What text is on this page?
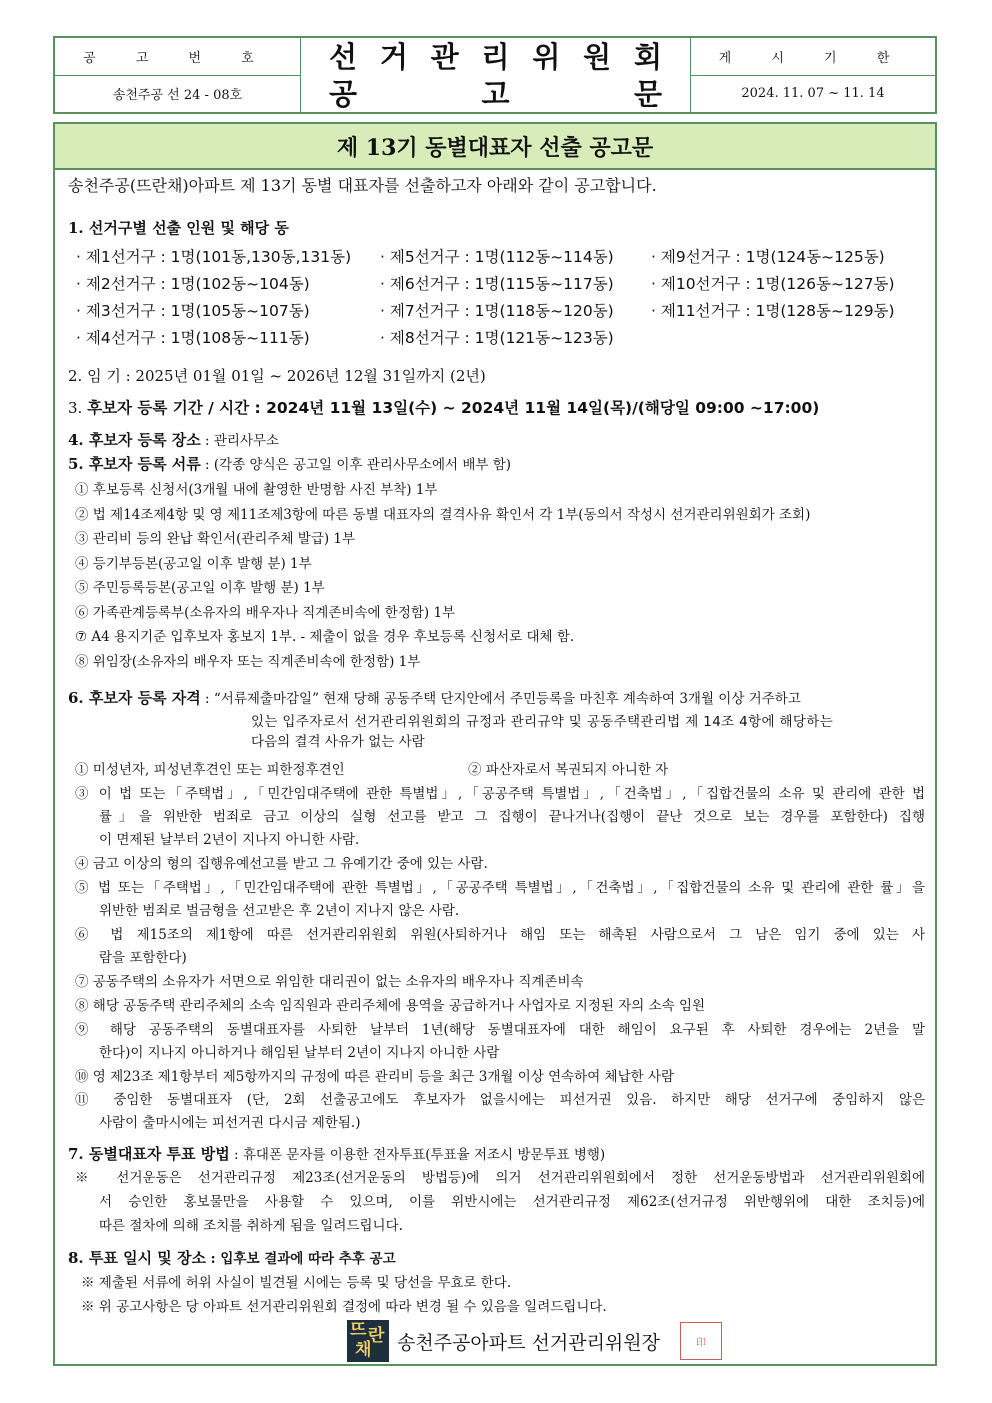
공 고 번 호
송천주공 선 24 - 08호
선 거 관 리 위 원 회
공	고	문
게 시 기 한
2024. 11. 07 ~ 11. 14
제 13기 동별대표자 선출 공고문
송천주공(뜨란채)아파트 제 13기 동별 대표자를 선출하고자 아래와 같이 공고합니다.
1. 선거구별 선출 인원 및 해당 동
· 제1선거구 : 1명(101동,130동,131동)
· 제2선거구 : 1명(102동~104동)
· 제3선거구 : 1명(105동~107동)
· 제4선거구 : 1명(108동~111동)
· 제5선거구 : 1명(112동~114동)
· 제6선거구 : 1명(115동~117동)
· 제7선거구 : 1명(118동~120동)
· 제8선거구 : 1명(121동~123동)
· 제9선거구 : 1명(124동~125동)
· 제10선거구 : 1명(126동~127동)
· 제11선거구 : 1명(128동~129동)
2. 임 기 : 2025년 01월 01일 ~ 2026년 12월 31일까지 (2년)
3. 후보자 등록 기간 / 시간 : 2024년 11월 13일(수) ~ 2024년 11월 14일(목)/(해당일 09:00 ~17:00)
4. 후보자 등록 장소 : 관리사무소
5. 후보자 등록 서류 : (각종 양식은 공고일 이후 관리사무소에서 배부 함)
① 후보등록 신청서(3개월 내에 촬영한 반명함 사진 부착) 1부
② 법 제14조제4항 및 영 제11조제3항에 따른 동별 대표자의 결격사유 확인서 각 1부(동의서 작성시 선거관리위원회가 조회)
③ 관리비 등의 완납 확인서(관리주체 발급) 1부
④ 등기부등본(공고일 이후 발행 분) 1부
⑤ 주민등록등본(공고일 이후 발행 분) 1부
⑥ 가족관계등록부(소유자의 배우자나 직계존비속에 한정함) 1부
⑦ A4 용지기준 입후보자 홍보지 1부. - 제출이 없을 경우 후보등록 신청서로 대체 함.
⑧ 위임장(소유자의 배우자 또는 직계존비속에 한정함) 1부
6. 후보자 등록 자격 : “서류제출마감일” 현재 당해 공동주택 단지안에서 주민등록을 마친후 계속하여 3개월 이상 거주하고
있는 입주자로서 선거관리위원회의 규정과 관리규약 및 공동주택관리법 제 14조 4항에 해당하는
다음의 결격 사유가 없는 사람
① 미성년자, 피성년후견인 또는 피한정후견인	② 파산자로서 복권되지 아니한 자
③ 이 법 또는「주택법」,「민간임대주택에 관한 특별법」,「공공주택 특별법」,「건축법」,「집합건물의 소유 및 관리에 관한 법
률」을 위반한 범죄로 금고 이상의 실형 선고를 받고 그 집행이 끝나거나(집행이 끝난 것으로 보는 경우를 포함한다) 집행
이 면제된 날부터 2년이 지나지 아니한 사람.
④ 금고 이상의 형의 집행유예선고를 받고 그 유예기간 중에 있는 사람.
⑤ 법 또는「주택법」,「민간임대주택에 관한 특별법」,「공공주택 특별법」,「건축법」,「집합건물의 소유 및 관리에 관한 률」을
위반한 범죄로 벌금형을 선고받은 후 2년이 지나지 않은 사람.
⑥ 법 제15조의 제1항에 따른 선거관리위원회 위원(사퇴하거나 해임 또는 해촉된 사람으로서 그 남은 임기 중에 있는 사
람을 포함한다)
⑦ 공동주택의 소유자가 서면으로 위임한 대리권이 없는 소유자의 배우자나 직계존비속
⑧ 해당 공동주택 관리주체의 소속 임직원과 관리주체에 용역을 공급하거나 사업자로 지정된 자의 소속 임원
⑨ 해당 공동주택의 동별대표자를 사퇴한 날부터 1년(해당 동별대표자에 대한 해임이 요구된 후 사퇴한 경우에는 2년을 말
한다)이 지나지 아니하거나 해임된 날부터 2년이 지나지 아니한 사람
⑩ 영 제23조 제1항부터 제5항까지의 규정에 따른 관리비 등을 최근 3개월 이상 연속하여 체납한 사람
⑪ 중임한 동별대표자 (단, 2회 선출공고에도 후보자가 없을시에는 피선거권 있음. 하지만 해당 선거구에 중임하지 않은
사람이 출마시에는 피선거권 다시금 제한됨.)
7. 동별대표자 투표 방법 : 휴대폰 문자를 이용한 전자투표(투표율 저조시 방문투표 병행)
※ 선거운동은 선거관리규정 제23조(선거운동의 방법등)에 의거 선거관리위원회에서 정한 선거운동방법과 선거관리위원회에
서 승인한 홍보물만을 사용할 수 있으며, 이를 위반시에는 선거관리규정 제62조(선거규정 위반행위에 대한 조치등)에
따른 절차에 의해 조치를 취하게 됨을 일려드립니다.
8. 투표 일시 및 장소 : 입후보 결과에 따라 추후 공고
※ 제출된 서류에 허위 사실이 빌견될 시에는 등록 및 당선을 무효로 한다.
※ 위 공고사항은 당 아파트 선거관리위원회 결정에 따라 변경 될 수 있음을 일려드립니다.
뜨 란
채 송천주공아파트 선거관리위원장	印
